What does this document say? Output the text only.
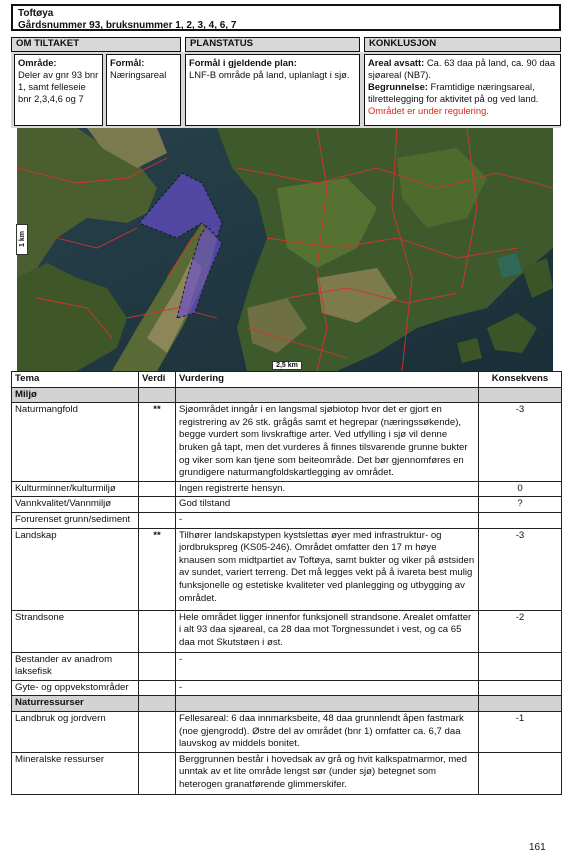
Toftøya
Gårdsnummer 93, bruksnummer 1, 2, 3, 4, 6, 7
OM TILTAKET	PLANSTATUS	KONKLUSJON
Område:
Deler av gnr 93 bnr 1, samt felleseie bnr 2,3,4,6 og 7
Formål:
Næringsareal
Formål i gjeldende plan:
LNF-B område på land, uplanlagt i sjø.
Areal avsatt: Ca. 63 daa på land, ca. 90 daa sjøareal (NB7).
Begrunnelse: Framtidige næringsareal, tilrettelegging for aktivitet på og ved land.
Området er under regulering.
1 km
2,5 km
Tema	Verdi	Vurdering	Konsekvens
Miljø			
Naturmangfold	**	Sjøområdet inngår i en langsmal sjøbiotop hvor det er gjort en registrering av 26 stk. grågås samt et hegrepar (næringssøkende), begge vurdert som livskraftige arter. Ved utfylling i sjø vil denne bruken gå tapt, men det vurderes å finnes tilsvarende grunne bukter og viker som kan tjene som beiteområde. Det bør gjennomføres en grundigere naturmangfoldskartlegging av området.	-3
Kulturminner/kulturmiljø		Ingen registrerte hensyn.	0
Vannkvalitet/Vannmiljø		God tilstand	?
Forurenset grunn/sediment		-	
Landskap	**	Tilhører landskapstypen kystslettas øyer med infrastruktur- og jordbrukspreg (KS05-246). Området omfatter den 17 m høye knausen som midtpartiet av Toftøya, samt bukter og viker på østsiden av sundet, variert terreng. Det må legges vekt på å ivareta best mulig funksjonelle og estetiske kvaliteter ved planlegging og utbygging av området.	-3
Strandsone		Hele området ligger innenfor funksjonell strandsone. Arealet omfatter i alt 93 daa sjøareal, ca 28 daa mot Torgnessundet i vest, og ca 65 daa mot Skutstøen i øst.	-2
Bestander av anadrom laksefisk		-	
Gyte- og oppvekstområder		-	
Naturressurser			
Landbruk og jordvern		Fellesareal: 6 daa innmarksbeite, 48 daa grunnlendt åpen fastmark (noe gjengrodd). Østre del av området (bnr 1) omfatter ca. 6,7 daa lauvskog av middels bonitet.	-1
Mineralske ressurser		Berggrunnen består i hovedsak av grå og hvit kalkspatmarmor, med unntak av et lite område lengst sør (under sjø) betegnet som heterogen granatførende glimmerskifer.	
161
